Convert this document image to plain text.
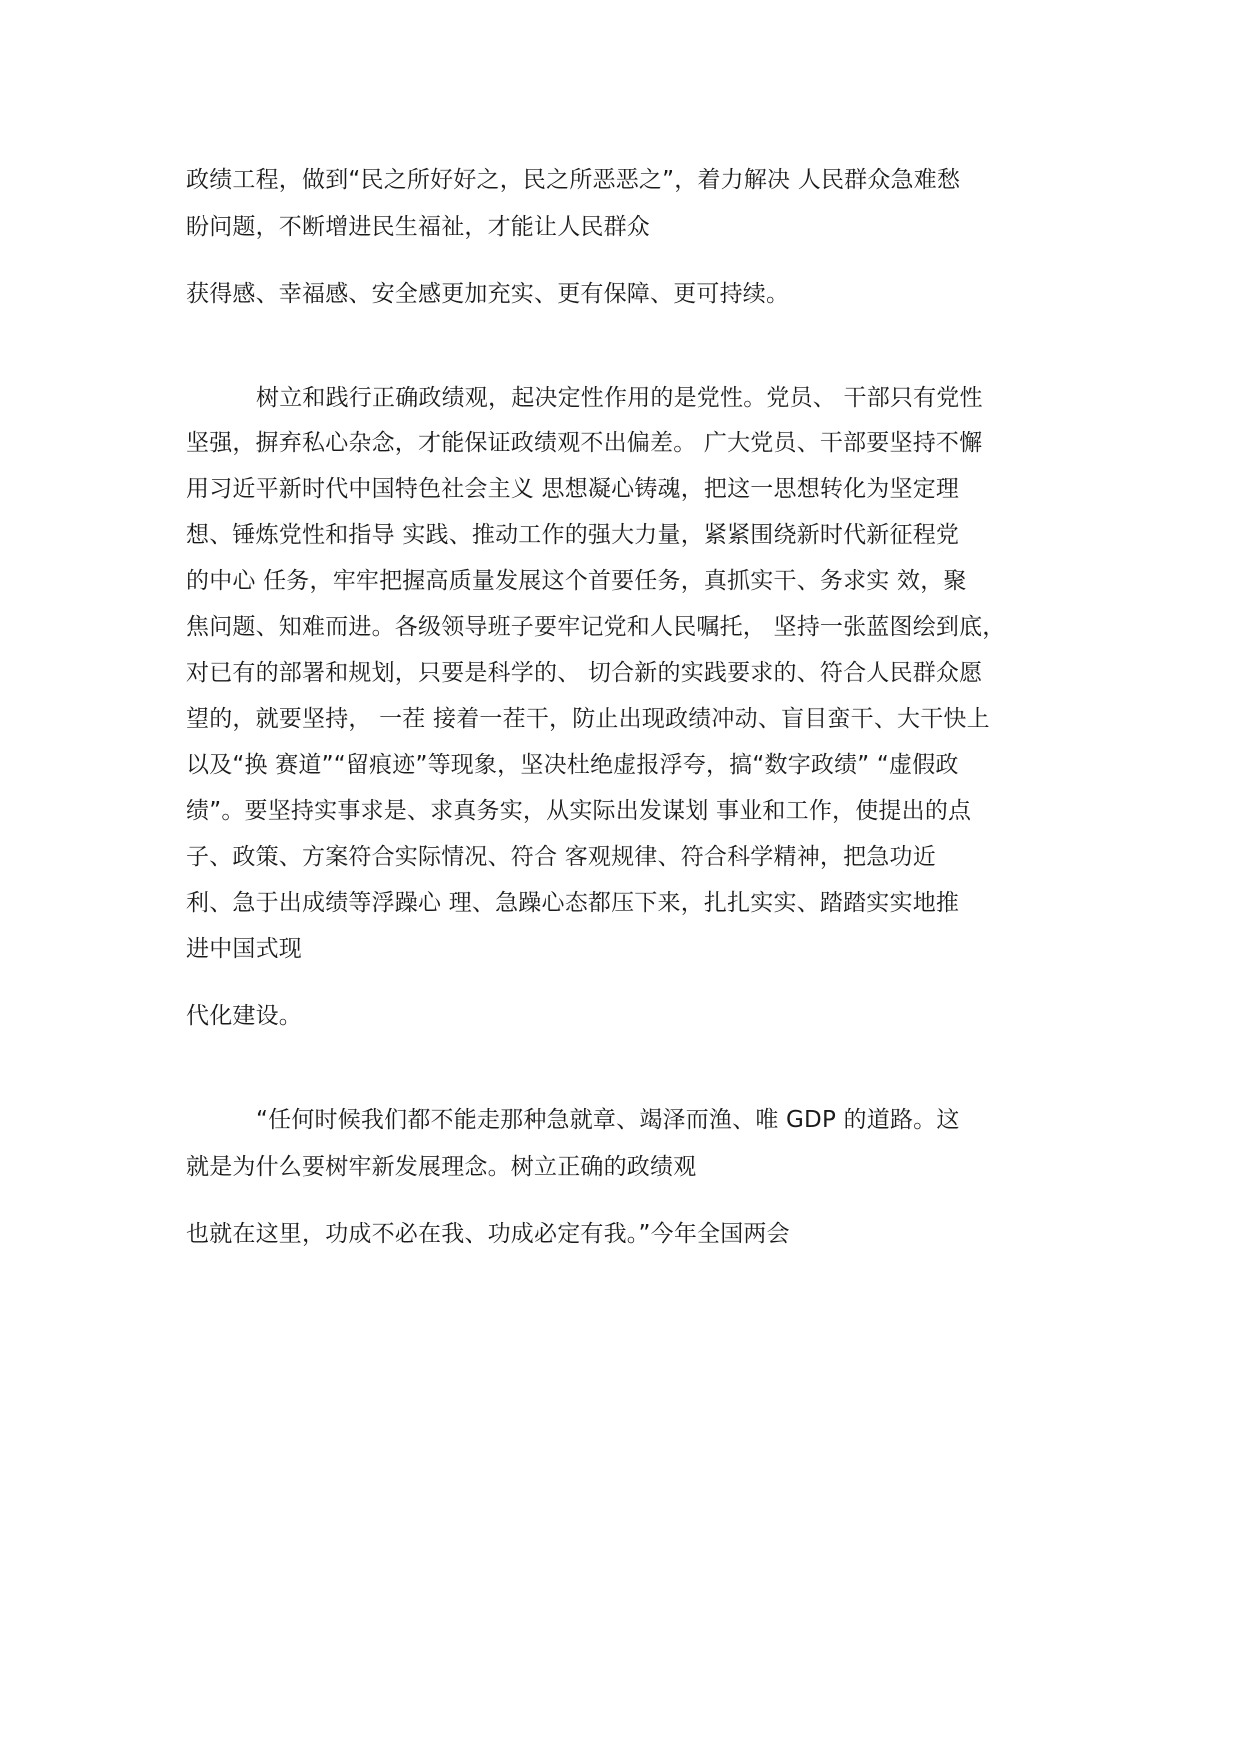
政绩工程，做到“民之所好好之，民之所恶恶之”，着力解决 人民群众急难愁
盼问题，不断增进民生福祉，才能让人民群众
获得感、幸福感、安全感更加充实、更有保障、更可持续。
树立和践行正确政绩观，起决定性作用的是党性。党员、 干部只有党性
坚强，摒弃私心杂念，才能保证政绩观不出偏差。 广大党员、干部要坚持不懈
用习近平新时代中国特色社会主义 思想凝心铸魂，把这一思想转化为坚定理
想、锤炼党性和指导 实践、推动工作的强大力量，紧紧围绕新时代新征程党
的中心 任务，牢牢把握高质量发展这个首要任务，真抓实干、务求实 效，聚
焦问题、知难而进。各级领导班子要牢记党和人民嘱托， 坚持一张蓝图绘到底，
对已有的部署和规划，只要是科学的、 切合新的实践要求的、符合人民群众愿
望的，就要坚持， 一茬 接着一茬干，防止出现政绩冲动、盲目蛮干、大干快上
以及“换 赛道”“留痕迹”等现象，坚决杜绝虚报浮夸，搞“数字政绩” “虚假政
绩”。要坚持实事求是、求真务实，从实际出发谋划 事业和工作，使提出的点
子、政策、方案符合实际情况、符合 客观规律、符合科学精神，把急功近
利、急于出成绩等浮躁心 理、急躁心态都压下来，扎扎实实、踏踏实实地推
进中国式现
代化建设。
“任何时候我们都不能走那种急就章、竭泽而渔、唯 GDP 的道路。这
就是为什么要树牢新发展理念。树立正确的政绩观
也就在这里，功成不必在我、功成必定有我。”今年全国两会
